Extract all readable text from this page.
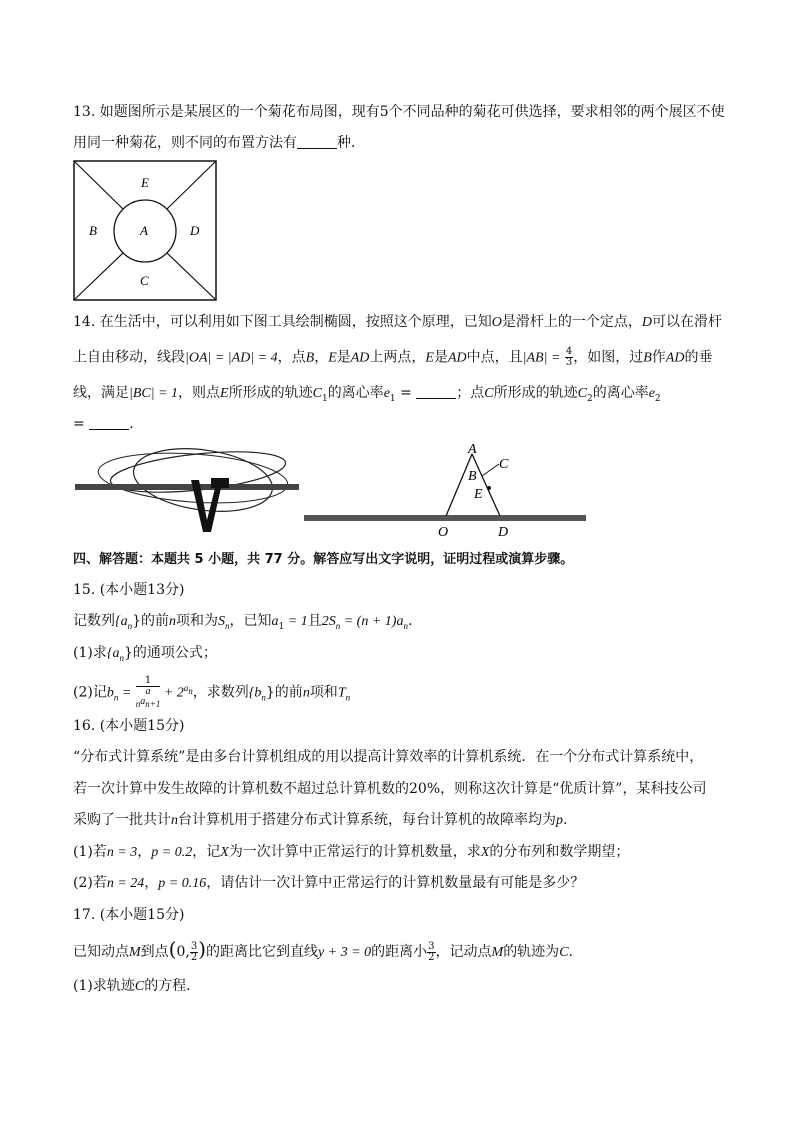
13. 如题图所示是某展区的一个菊花布局图，现有5个不同品种的菊花可供选择，要求相邻的两个展区不使
用同一种菊花，则不同的布置方法有	种．
E
A
B	D
C
14. 在生活中，可以利用如下图工具绘制椭圆，按照这个原理，已知O是滑杆上的一个定点，D可以在滑杆
上自由移动，线段|OA| = |AD| = 4，点B，E是AD上两点，E是AD中点，且$|AB| = \frac{4}{3}$ ，如图，过B作AD的垂
线，满足|BC| = 1，则点E所形成的轨迹$C_1$的离心率$e_1$ =	；点C所形成的轨迹$C_2$的离心率$e_2$
=	.
A
B
C
E
O	D
四、解答题：本题共 5 小题，共 77 分。解答应写出文字说明，证明过程或演算步骤。
15. (本小题13分)
记数列$\{a_n\}$的前n项和为$S_n$，已知$a_1 = 1$且$2S_n = (n + 1)a_n$.
(1)求$\{a_n\}$的通项公式；
(2)记$b_n = 1$
a
$_na_{n+1} + 2^{a_n}$，求数列$\{b_n\}$的前n项和$T_n$
16. (本小题15分)
“分布式计算系统”是由多台计算机组成的用以提高计算效率的计算机系统．在一个分布式计算系统中，
若一次计算中发生故障的计算机数不超过总计算机数的20%，则称这次计算是“优质计算”，某科技公司
采购了一批共计n台计算机用于搭建分布式计算系统，每台计算机的故障率均为p.
(1)若n = 3，p = 0.2，记X为一次计算中正常运行的计算机数量，求X的分布列和数学期望；
(2)若n = 24，p = 0.16，请估计一次计算中正常运行的计算机数量最有可能是多少？
17. (本小题15分)
已知动点M到点(0, $\frac{3}{2}$ )的距离比它到直线y + 3 = 0的距离小 $\frac{3}{2}$ ，记动点M的轨迹为C.
(1)求轨迹C的方程．
